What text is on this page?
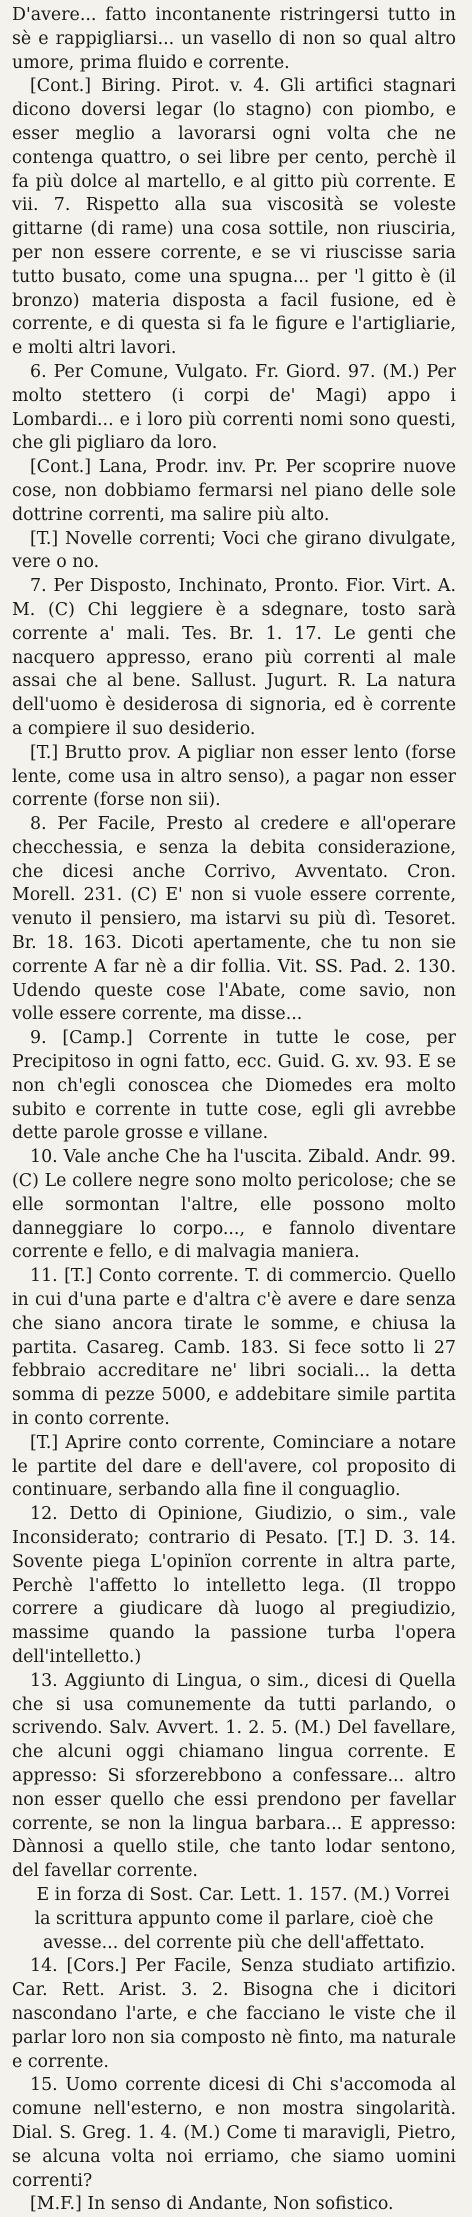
D'avere... fatto incontanente ristringersi tutto in sè e rappigliarsi... un vasello di non so qual altro umore, prima fluido e corrente.

[Cont.] Biring. Pirot. v. 4. Gli artifici stagnari dicono doversi legar (lo stagno) con piombo, e esser meglio a lavorarsi ogni volta che ne contenga quattro, o sei libre per cento, perchè il fa più dolce al martello, e al gitto più corrente. E vii. 7. Rispetto alla sua viscosità se voleste gittarne (di rame) una cosa sottile, non riusciria, per non essere corrente, e se vi riuscisse saria tutto busato, come una spugna... per 'l gitto è (il bronzo) materia disposta a facil fusione, ed è corrente, e di questa si fa le figure e l'artigliarie, e molti altri lavori.

6. Per Comune, Vulgato. Fr. Giord. 97. (M.) Per molto stettero (i corpi de' Magi) appo i Lombardi... e i loro più correnti nomi sono questi, che gli pigliaro da loro.

[Cont.] Lana, Prodr. inv. Pr. Per scoprire nuove cose, non dobbiamo fermarsi nel piano delle sole dottrine correnti, ma salire più alto.

[T.] Novelle correnti; Voci che girano divulgate, vere o no.

7. Per Disposto, Inchinato, Pronto. Fior. Virt. A. M. (C) Chi leggiere è a sdegnare, tosto sarà corrente a' mali. Tes. Br. 1. 17. Le genti che nacquero appresso, erano più correnti al male assai che al bene. Sallust. Jugurt. R. La natura dell'uomo è desiderosa di signoria, ed è corrente a compiere il suo desiderio.

[T.] Brutto prov. A pigliar non esser lento (forse lente, come usa in altro senso), a pagar non esser corrente (forse non sii).

8. Per Facile, Presto al credere e all'operare checchessia, e senza la debita considerazione, che dicesi anche Corrivo, Avventato. Cron. Morell. 231. (C) E' non si vuole essere corrente, venuto il pensiero, ma istarvi su più dì. Tesoret. Br. 18. 163. Dicoti apertamente, che tu non sie corrente A far nè a dir follia. Vit. SS. Pad. 2. 130. Udendo queste cose l'Abate, come savio, non volle essere corrente, ma disse...

9. [Camp.] Corrente in tutte le cose, per Precipitoso in ogni fatto, ecc. Guid. G. xv. 93. E se non ch'egli conoscea che Diomedes era molto subito e corrente in tutte cose, egli gli avrebbe dette parole grosse e villane.

10. Vale anche Che ha l'uscita. Zibald. Andr. 99. (C) Le collere negre sono molto pericolose; che se elle sormontan l'altre, elle possono molto danneggiare lo corpo..., e fannolo diventare corrente e fello, e di malvagia maniera.

11. [T.] Conto corrente. T. di commercio. Quello in cui d'una parte e d'altra c'è avere e dare senza che siano ancora tirate le somme, e chiusa la partita. Casareg. Camb. 183. Si fece sotto li 27 febbraio accreditare ne' libri sociali... la detta somma di pezze 5000, e addebitare simile partita in conto corrente.

[T.] Aprire conto corrente, Cominciare a notare le partite del dare e dell'avere, col proposito di continuare, serbando alla fine il conguaglio.

12. Detto di Opinione, Giudizio, o sim., vale Inconsiderato; contrario di Pesato. [T.] D. 3. 14. Sovente piega L'opinïon corrente in altra parte, Perchè l'affetto lo intelletto lega. (Il troppo correre a giudicare dà luogo al pregiudizio, massime quando la passione turba l'opera dell'intelletto.)

13. Aggiunto di Lingua, o sim., dicesi di Quella che si usa comunemente da tutti parlando, o scrivendo. Salv. Avvert. 1. 2. 5. (M.) Del favellare, che alcuni oggi chiamano lingua corrente. E appresso: Si sforzerebbono a confessare... altro non esser quello che essi prendono per favellar corrente, se non la lingua barbara... E appresso: Dànnosi a quello stile, che tanto lodar sentono, del favellar corrente.

E in forza di Sost. Car. Lett. 1. 157. (M.) Vorrei la scrittura appunto come il parlare, cioè che avesse... del corrente più che dell'affettato.

14. [Cors.] Per Facile, Senza studiato artifizio. Car. Rett. Arist. 3. 2. Bisogna che i dicitori nascondano l'arte, e che facciano le viste che il parlar loro non sia composto nè finto, ma naturale e corrente.

15. Uomo corrente dicesi di Chi s'accomoda al comune nell'esterno, e non mostra singolarità. Dial. S. Greg. 1. 4. (M.) Come ti maravigli, Pietro, se alcuna volta noi erriamo, che siamo uomini correnti?

[M.F.] In senso di Andante, Non sofistico.
